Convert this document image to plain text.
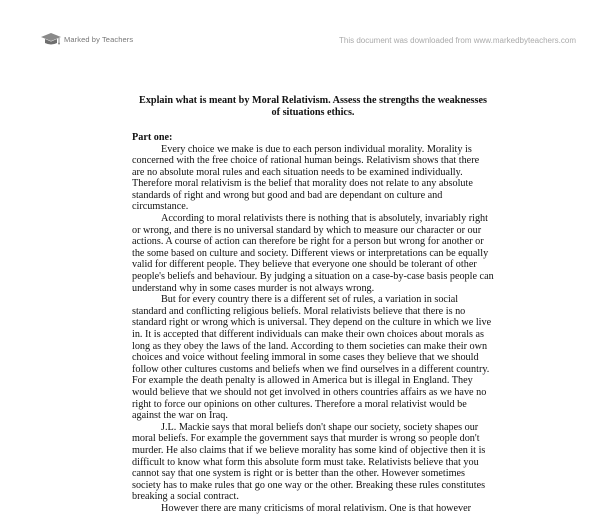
Marked by Teachers	This document was downloaded from www.markedbyteachers.com

Explain what is meant by Moral Relativism. Assess the strengths the weaknesses of situations ethics.

Part one:

Every choice we make is due to each person individual morality. Morality is concerned with the free choice of rational human beings. Relativism shows that there are no absolute moral rules and each situation needs to be examined individually. Therefore moral relativism is the belief that morality does not relate to any absolute standards of right and wrong but good and bad are dependant on culture and circumstance.

According to moral relativists there is nothing that is absolutely, invariably right or wrong, and there is no universal standard by which to measure our character or our actions. A course of action can therefore be right for a person but wrong for another or the some based on culture and society. Different views or interpretations can be equally valid for different people. They believe that everyone one should be tolerant of other people's beliefs and behaviour. By judging a situation on a case-by-case basis people can understand why in some cases murder is not always wrong.

But for every country there is a different set of rules, a variation in social standard and conflicting religious beliefs. Moral relativists believe that there is no standard right or wrong which is universal. They depend on the culture in which we live in. It is accepted that different individuals can make their own choices about morals as long as they obey the laws of the land. According to them societies can make their own choices and voice without feeling immoral in some cases they believe that we should follow other cultures customs and beliefs when we find ourselves in a different country. For example the death penalty is allowed in America but is illegal in England. They would believe that we should not get involved in others countries affairs as we have no right to force our opinions on other cultures. Therefore a moral relativist would be against the war on Iraq.

J.L. Mackie says that moral beliefs don't shape our society, society shapes our moral beliefs. For example the government says that murder is wrong so people don't murder. He also claims that if we believe morality has some kind of objective then it is difficult to know what form this absolute form must take. Relativists believe that you cannot say that one system is right or is better than the other. However sometimes society has to make rules that go one way or the other. Breaking these rules constitutes breaking a social contract.

However there are many criticisms of moral relativism. One is that however
